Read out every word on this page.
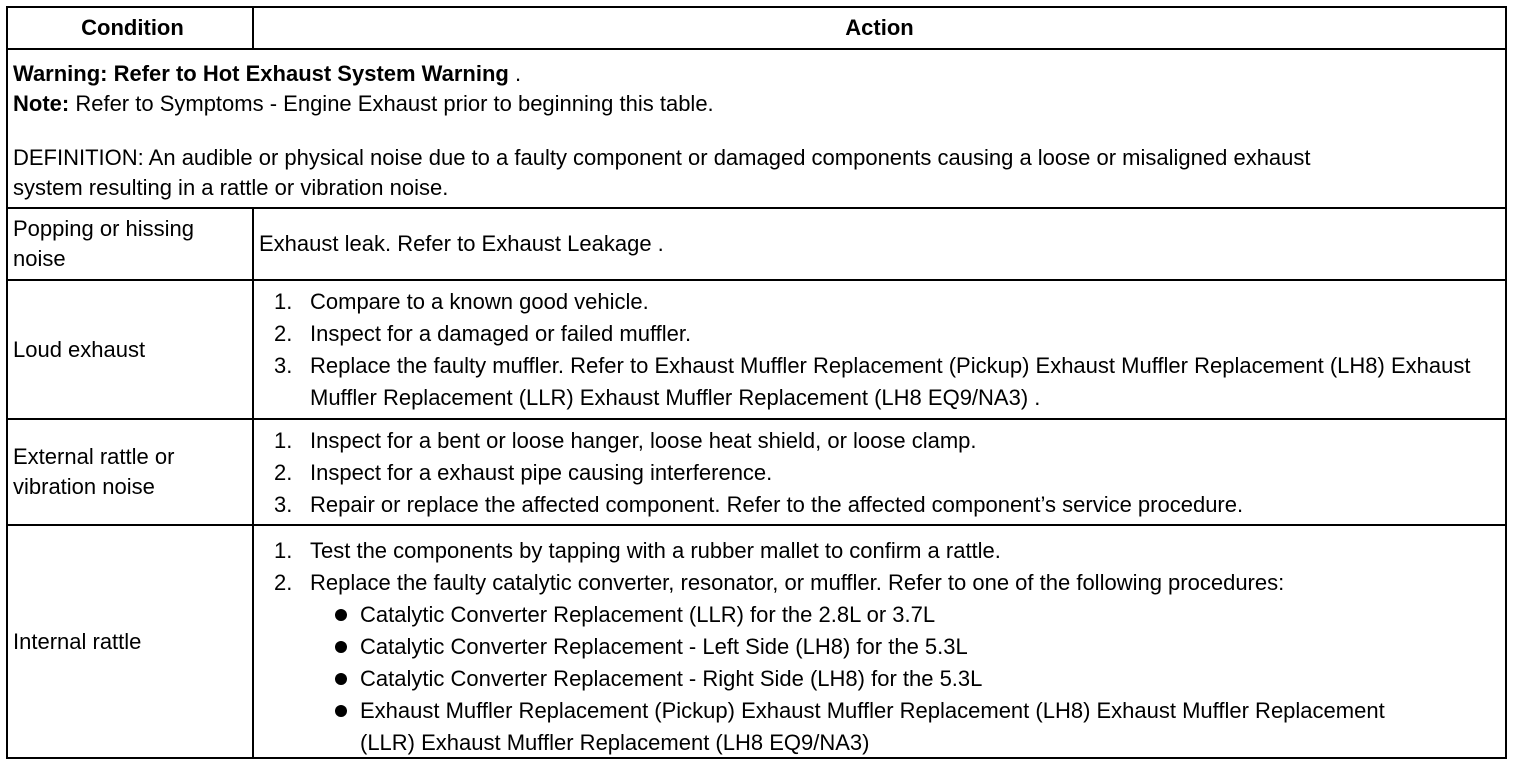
Condition	Action
Warning: Refer to Hot Exhaust System Warning .
Note: Refer to Symptoms - Engine Exhaust prior to beginning this table.
DEFINITION: An audible or physical noise due to a faulty component or damaged components causing a loose or misaligned exhaust
system resulting in a rattle or vibration noise.
Popping or hissing noise
Exhaust leak. Refer to Exhaust Leakage .
Loud exhaust
1. Compare to a known good vehicle.
2. Inspect for a damaged or failed muffler.
3. Replace the faulty muffler. Refer to Exhaust Muffler Replacement (Pickup) Exhaust Muffler Replacement (LH8) Exhaust Muffler Replacement (LLR) Exhaust Muffler Replacement (LH8 EQ9/NA3) .
External rattle or vibration noise
1. Inspect for a bent or loose hanger, loose heat shield, or loose clamp.
2. Inspect for a exhaust pipe causing interference.
3. Repair or replace the affected component. Refer to the affected component’s service procedure.
Internal rattle
1. Test the components by tapping with a rubber mallet to confirm a rattle.
2. Replace the faulty catalytic converter, resonator, or muffler. Refer to one of the following procedures:
Catalytic Converter Replacement (LLR) for the 2.8L or 3.7L
Catalytic Converter Replacement - Left Side (LH8) for the 5.3L
Catalytic Converter Replacement - Right Side (LH8) for the 5.3L
Exhaust Muffler Replacement (Pickup) Exhaust Muffler Replacement (LH8) Exhaust Muffler Replacement (LLR) Exhaust Muffler Replacement (LH8 EQ9/NA3)
